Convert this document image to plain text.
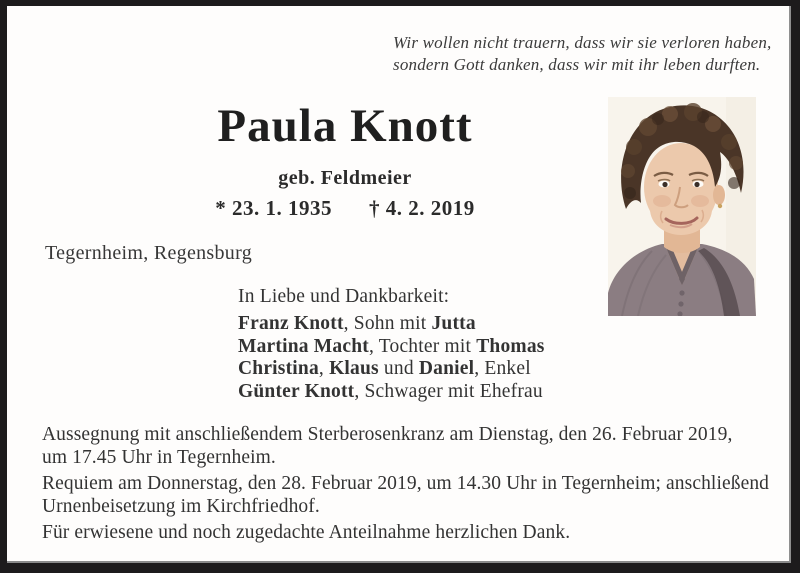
Wir wollen nicht trauern, dass wir sie verloren haben,
sondern Gott danken, dass wir mit ihr leben durften.
Paula Knott
geb. Feldmeier
* 23. 1. 1935 † 4. 2. 2019
Tegernheim, Regensburg
In Liebe und Dankbarkeit:
Franz Knott, Sohn mit Jutta
Martina Macht, Tochter mit Thomas
Christina, Klaus und Daniel, Enkel
Günter Knott, Schwager mit Ehefrau
Aussegnung mit anschließendem Sterberosenkranz am Dienstag, den 26. Februar 2019,
um 17.45 Uhr in Tegernheim.
Requiem am Donnerstag, den 28. Februar 2019, um 14.30 Uhr in Tegernheim; anschließend
Urnenbeisetzung im Kirchfriedhof.
Für erwiesene und noch zugedachte Anteilnahme herzlichen Dank.
